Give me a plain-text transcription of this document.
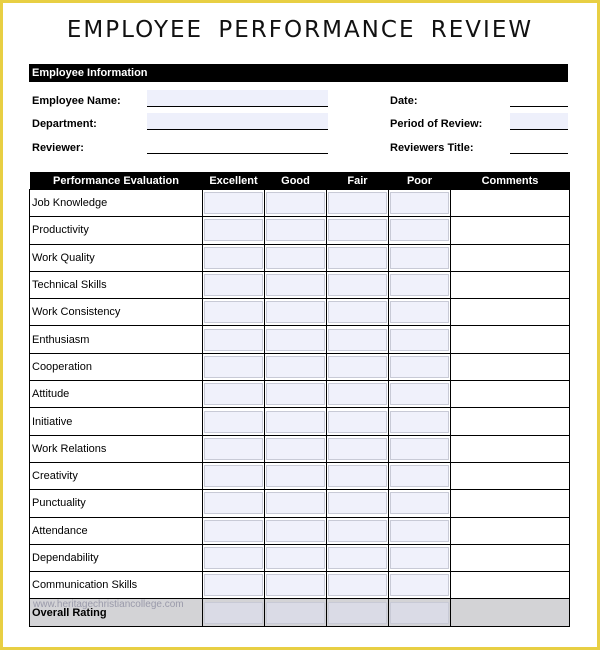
EMPLOYEE PERFORMANCE REVIEW
Employee Information
Employee Name:
Department:
Reviewer:
Date:
Period of Review:
Reviewers Title:
Performance Evaluation	Excellent	Good	Fair	Poor	Comments
Job Knowledge	

Productivity	

Work Quality	

Technical Skills	

Work Consistency	

Enthusiasm	

Cooperation	

Attitude	

Initiative	

Work Relations	

Creativity	

Punctuality	

Attendance	

Dependability	

Communication Skills	

Overall Rating	

www.heritagechristiancollege.com
